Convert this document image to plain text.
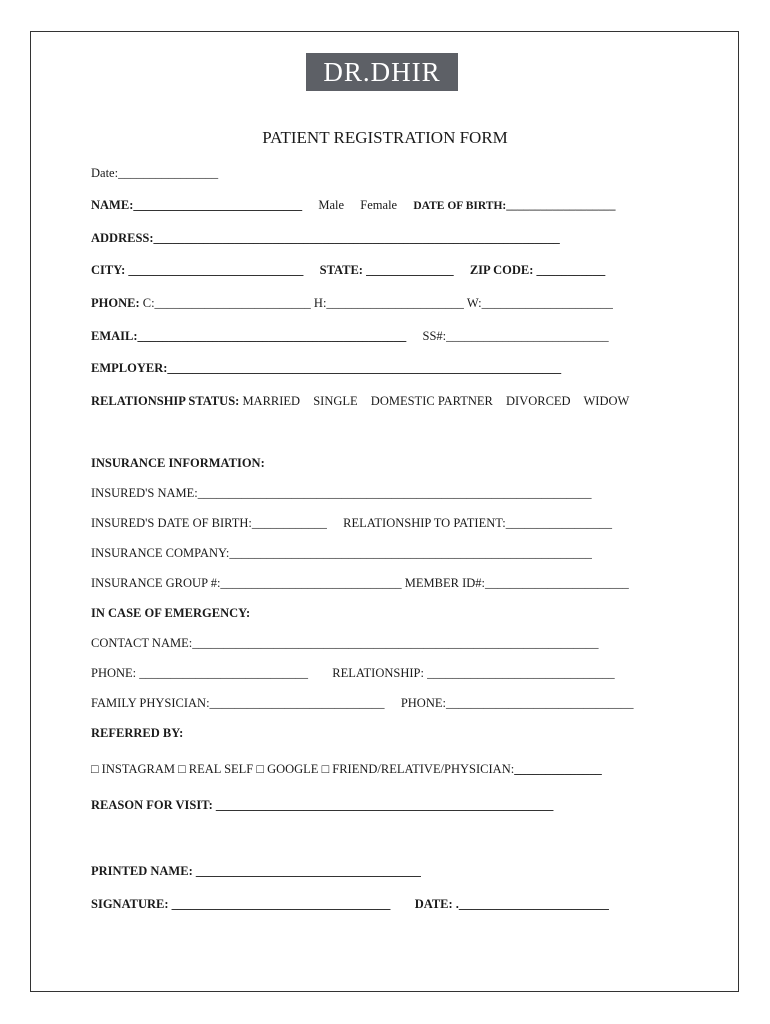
DR.DHIR
PATIENT REGISTRATION FORM
Date:________________
NAME:___________________________ Male Female DATE OF BIRTH:___________________
ADDRESS:_________________________________________________________________
CITY: ____________________________ STATE: ______________ ZIP CODE: ___________
PHONE: C:_________________________ H:______________________ W:_____________________
EMAIL:___________________________________________ SS#:__________________________
EMPLOYER:_______________________________________________________________
RELATIONSHIP STATUS: MARRIED SINGLE DOMESTIC PARTNER DIVORCED WIDOW
INSURANCE INFORMATION:
INSURED'S NAME:_______________________________________________________________
INSURED'S DATE OF BIRTH:____________ RELATIONSHIP TO PATIENT:_________________
INSURANCE COMPANY:__________________________________________________________
INSURANCE GROUP #:_____________________________ MEMBER ID#:_______________________
IN CASE OF EMERGENCY:
CONTACT NAME:_________________________________________________________________
PHONE: ___________________________ RELATIONSHIP: ______________________________
FAMILY PHYSICIAN:____________________________ PHONE:______________________________
REFERRED BY:
□ INSTAGRAM □ REAL SELF □ GOOGLE □ FRIEND/RELATIVE/PHYSICIAN:______________
REASON FOR VISIT: ______________________________________________________
PRINTED NAME: ____________________________________
SIGNATURE: ___________________________________ DATE: .________________________
